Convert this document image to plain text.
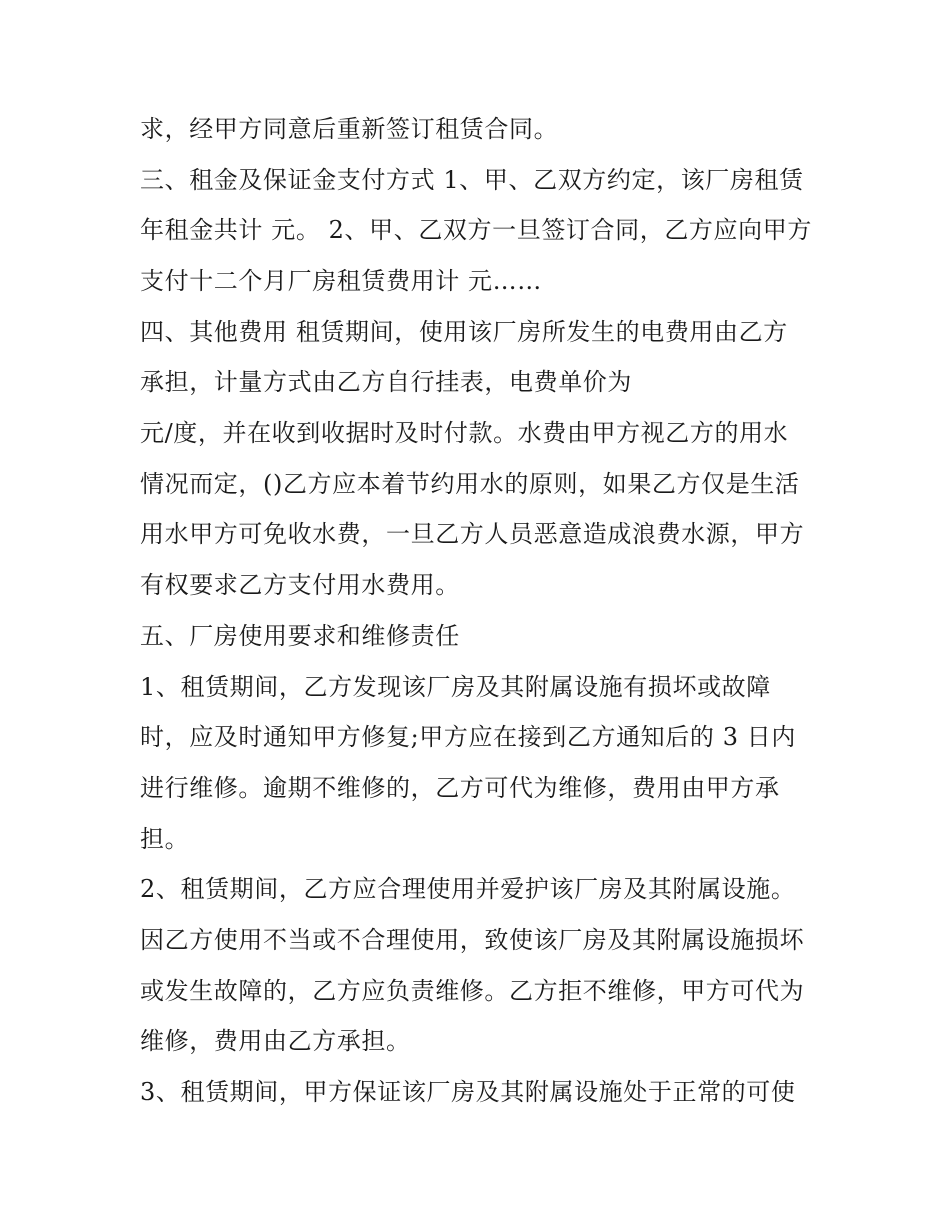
求，经甲方同意后重新签订租赁合同。
三、租金及保证金支付方式 1、甲、乙双方约定，该厂房租赁
年租金共计 元。 2、甲、乙双方一旦签订合同，乙方应向甲方
支付十二个月厂房租赁费用计 元……
四、其他费用 租赁期间，使用该厂房所发生的电费用由乙方
承担，计量方式由乙方自行挂表，电费单价为
元/度，并在收到收据时及时付款。水费由甲方视乙方的用水
情况而定，()乙方应本着节约用水的原则，如果乙方仅是生活
用水甲方可免收水费，一旦乙方人员恶意造成浪费水源，甲方
有权要求乙方支付用水费用。
五、厂房使用要求和维修责任
1、租赁期间，乙方发现该厂房及其附属设施有损坏或故障
时，应及时通知甲方修复;甲方应在接到乙方通知后的 3 日内
进行维修。逾期不维修的，乙方可代为维修，费用由甲方承
担。
2、租赁期间，乙方应合理使用并爱护该厂房及其附属设施。
因乙方使用不当或不合理使用，致使该厂房及其附属设施损坏
或发生故障的，乙方应负责维修。乙方拒不维修，甲方可代为
维修，费用由乙方承担。
3、租赁期间，甲方保证该厂房及其附属设施处于正常的可使
